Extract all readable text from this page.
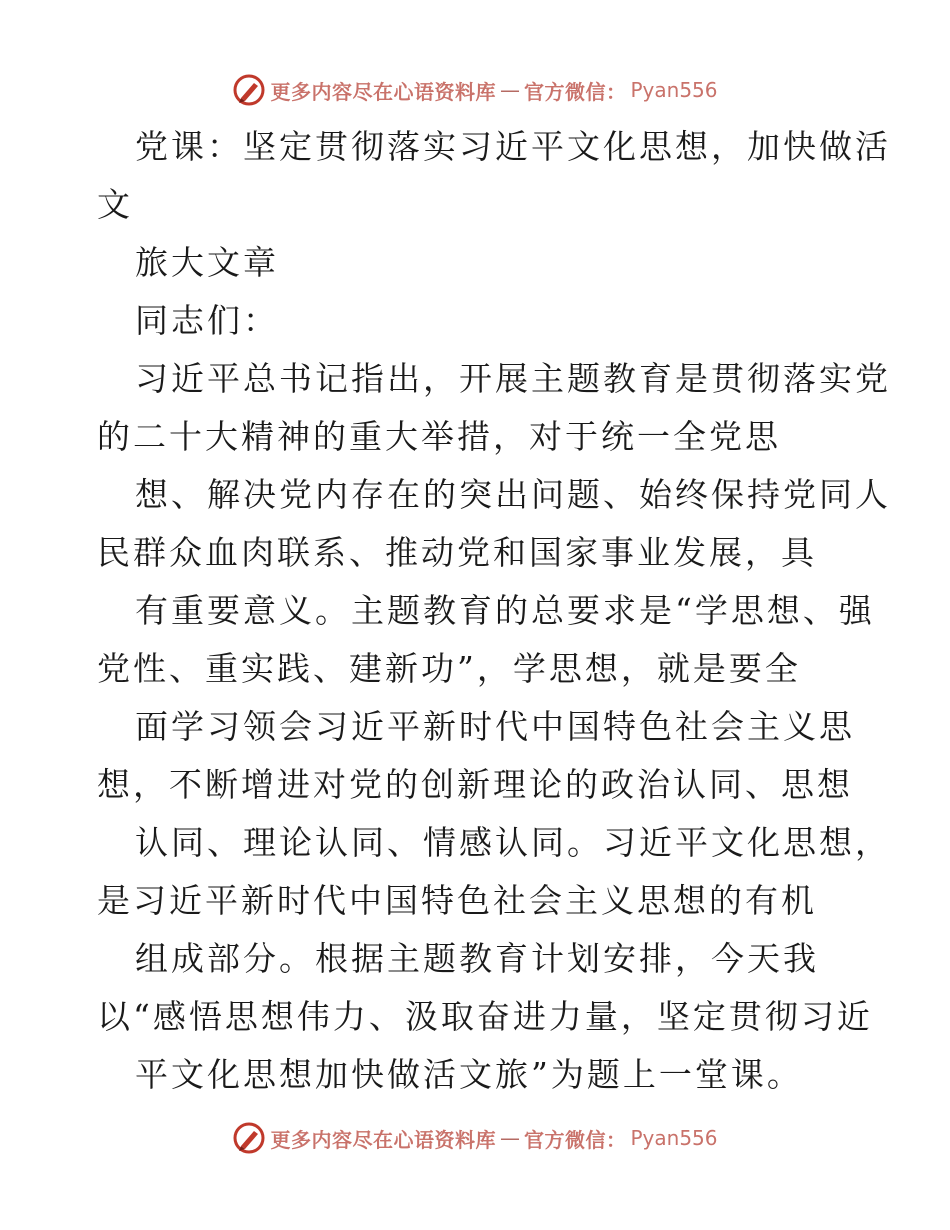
更多内容尽在心语资料库 — 官方微信： Pyan556
党课：坚定贯彻落实习近平文化思想，加快做活
文
旅大文章
同志们：
习近平总书记指出，开展主题教育是贯彻落实党
的二十大精神的重大举措，对于统一全党思
想、解决党内存在的突出问题、始终保持党同人
民群众血肉联系、推动党和国家事业发展，具
有重要意义。主题教育的总要求是“学思想、强
党性、重实践、建新功”，学思想，就是要全
面学习领会习近平新时代中国特色社会主义思
想，不断增进对党的创新理论的政治认同、思想
认同、理论认同、情感认同。习近平文化思想，
是习近平新时代中国特色社会主义思想的有机
组成部分。根据主题教育计划安排，今天我
以“感悟思想伟力、汲取奋进力量，坚定贯彻习近
平文化思想加快做活文旅”为题上一堂课。
更多内容尽在心语资料库 — 官方微信： Pyan556
